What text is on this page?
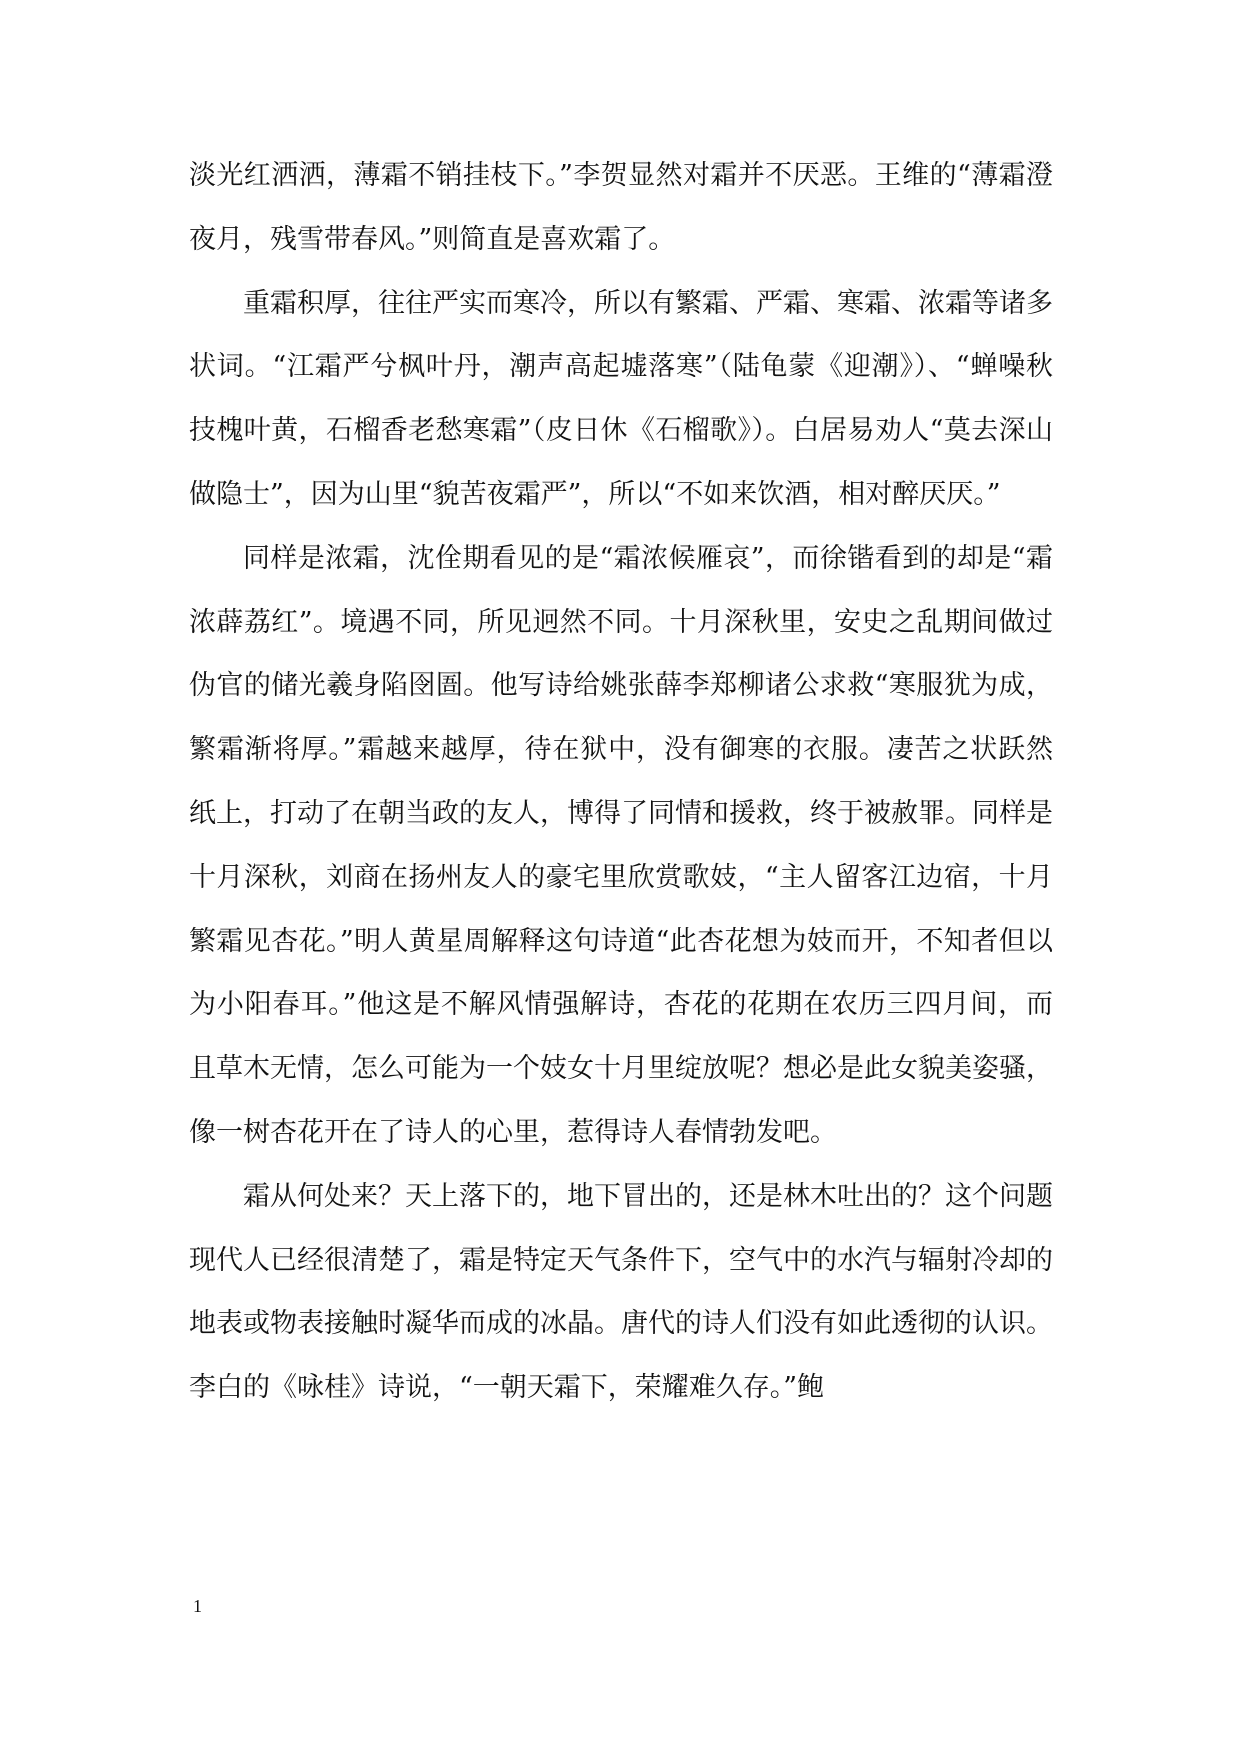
淡光红洒洒，薄霜不销挂枝下。”李贺显然对霜并不厌恶。王维的“薄霜澄夜月，残雪带春风。”则简直是喜欢霜了。

重霜积厚，往往严实而寒冷，所以有繁霜、严霜、寒霜、浓霜等诸多状词。“江霜严兮枫叶丹，潮声高起墟落寒”（陆龟蒙《迎潮》）、“蝉噪秋技槐叶黄，石榴香老愁寒霜”（皮日休《石榴歌》）。白居易劝人“莫去深山做隐士”，因为山里“貌苦夜霜严”，所以“不如来饮酒，相对醉厌厌。”

同样是浓霜，沈佺期看见的是“霜浓候雁哀”，而徐锴看到的却是“霜浓薜荔红”。境遇不同，所见迥然不同。十月深秋里，安史之乱期间做过伪官的储光羲身陷囹圄。他写诗给姚张薛李郑柳诸公求救“寒服犹为成，繁霜渐将厚。”霜越来越厚，待在狱中，没有御寒的衣服。凄苦之状跃然纸上，打动了在朝当政的友人，博得了同情和援救，终于被赦罪。同样是十月深秋，刘商在扬州友人的豪宅里欣赏歌妓，“主人留客江边宿，十月繁霜见杏花。”明人黄星周解释这句诗道“此杏花想为妓而开，不知者但以为小阳春耳。”他这是不解风情强解诗，杏花的花期在农历三四月间，而且草木无情，怎么可能为一个妓女十月里绽放呢？想必是此女貌美姿骚，像一树杏花开在了诗人的心里，惹得诗人春情勃发吧。

霜从何处来？天上落下的，地下冒出的，还是林木吐出的？这个问题现代人已经很清楚了，霜是特定天气条件下，空气中的水汽与辐射冷却的地表或物表接触时凝华而成的冰晶。唐代的诗人们没有如此透彻的认识。李白的《咏桂》诗说，“一朝天霜下，荣耀难久存。”鲍

1
